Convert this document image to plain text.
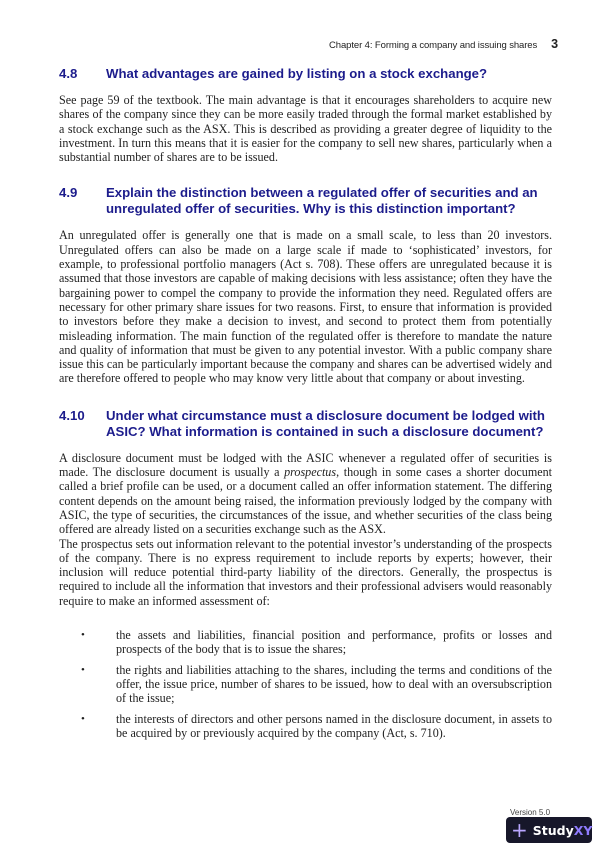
Chapter 4: Forming a company and issuing shares 3
4.8	What advantages are gained by listing on a stock exchange?

See page 59 of the textbook. The main advantage is that it encourages shareholders to acquire new shares of the company since they can be more easily traded through the formal market established by a stock exchange such as the ASX. This is described as providing a greater degree of liquidity to the investment. In turn this means that it is easier for the company to sell new shares, particularly when a substantial number of shares are to be issued.

4.9	Explain the distinction between a regulated offer of securities and an unregulated offer of securities. Why is this distinction important?

An unregulated offer is generally one that is made on a small scale, to less than 20 investors. Unregulated offers can also be made on a large scale if made to ‘sophisticated’ investors, for example, to professional portfolio managers (Act s. 708). These offers are unregulated because it is assumed that those investors are capable of making decisions with less assistance; often they have the bargaining power to compel the company to provide the information they need. Regulated offers are necessary for other primary share issues for two reasons. First, to ensure that information is provided to investors before they make a decision to invest, and second to protect them from potentially misleading information. The main function of the regulated offer is therefore to mandate the nature and quality of information that must be given to any potential investor. With a public company share issue this can be particularly important because the company and shares can be advertised widely and are therefore offered to people who may know very little about that company or about investing.

4.10	Under what circumstance must a disclosure document be lodged with ASIC? What information is contained in such a disclosure document?

A disclosure document must be lodged with the ASIC whenever a regulated offer of securities is made. The disclosure document is usually a prospectus, though in some cases a shorter document called a brief profile can be used, or a document called an offer information statement. The differing content depends on the amount being raised, the information previously lodged by the company with ASIC, the type of securities, the circumstances of the issue, and whether securities of the class being offered are already listed on a securities exchange such as the ASX.

The prospectus sets out information relevant to the potential investor’s understanding of the prospects of the company. There is no express requirement to include reports by experts; however, their inclusion will reduce potential third-party liability of the directors. Generally, the prospectus is required to include all the information that investors and their professional advisers would reasonably require to make an informed assessment of:

•	the assets and liabilities, financial position and performance, profits or losses and prospects of the body that is to issue the shares;
•	the rights and liabilities attaching to the shares, including the terms and conditions of the offer, the issue price, number of shares to be issued, how to deal with an oversubscription of the issue;
•	the interests of directors and other persons named in the disclosure document, in assets to be acquired by or previously acquired by the company (Act, s. 710).
Version 5.0
+ Study XY
